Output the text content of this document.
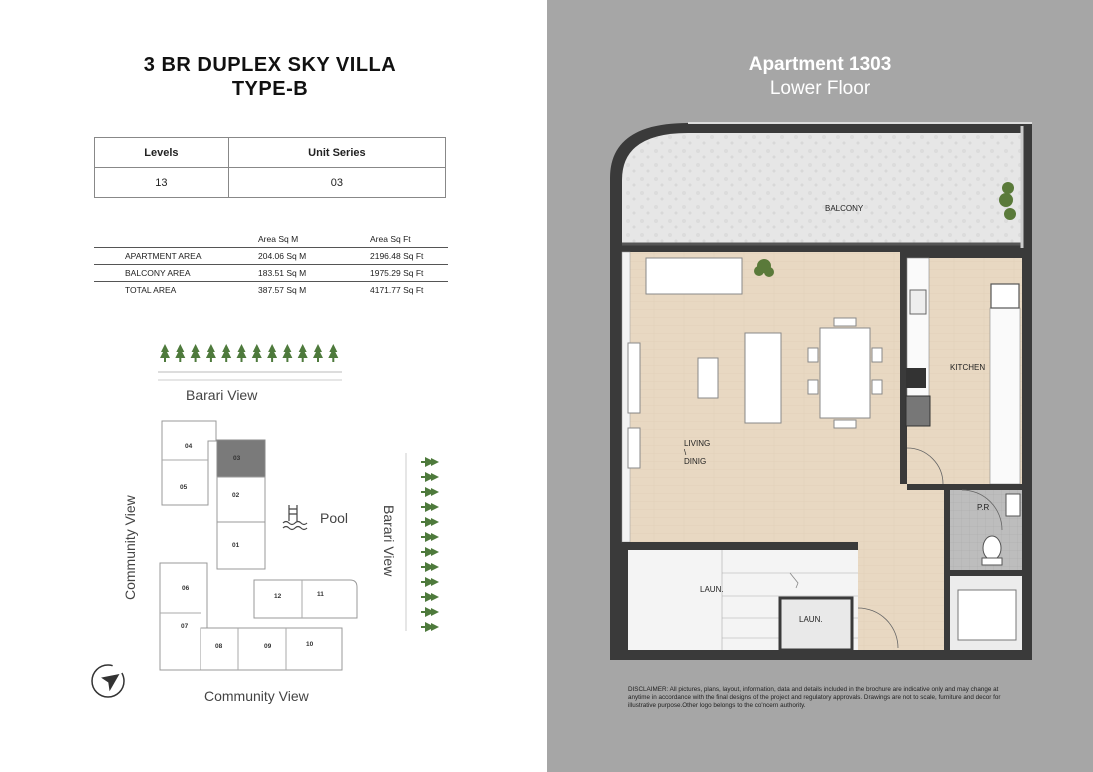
3 BR DUPLEX SKY VILLA
TYPE-B
Levels	Unit Series
13	03
Area Sq M	Area Sq Ft
APARTMENT AREA	204.06 Sq M	2196.48 Sq Ft
BALCONY AREA	183.51 Sq M	1975.29 Sq Ft
TOTAL AREA	387.57 Sq M	4171.77 Sq Ft
04
03
05
02
01
06
12	11
07
08	09	10
Barari View
Community View
Pool
Community View	Barari View
Apartment 1303
Lower Floor
BALCONY
LIVING \ DINIG
KITCHEN
P.R
LAUN.
LAUN.
DISCLAIMER: All pictures, plans, layout, information, data and details included in the brochure are indicative only and may change at anytime in accordance with the final designs of the project and regulatory approvals. Drawings are not to scale, furniture and decor for illustrative purpose.Other logo belongs to the co'ncern authority.
